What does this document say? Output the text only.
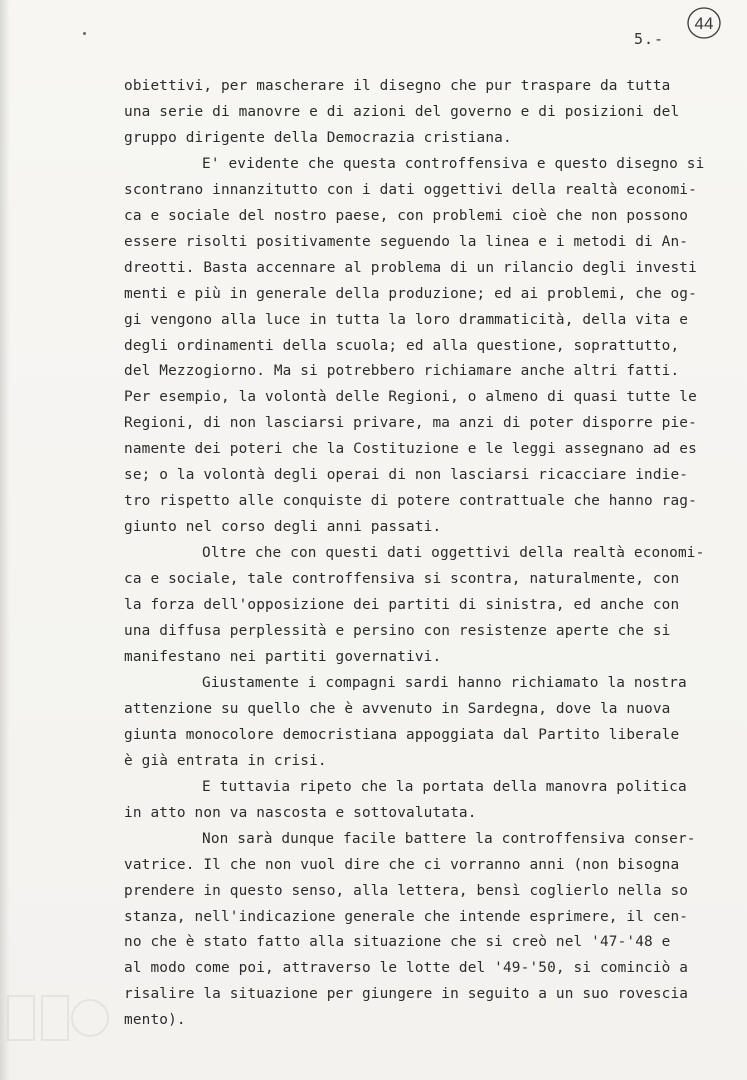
5.-
44
obiettivi, per mascherare il disegno che pur traspare da tutta
una serie di manovre e di azioni del governo e di posizioni del
gruppo dirigente della Democrazia cristiana.
E' evidente che questa controffensiva e questo disegno si
scontrano innanzitutto con i dati oggettivi della realtà economi-
ca e sociale del nostro paese, con problemi cioè che non possono
essere risolti positivamente seguendo la linea e i metodi di An-
dreotti. Basta accennare al problema di un rilancio degli investi
menti e più in generale della produzione; ed ai problemi, che og-
gi vengono alla luce in tutta la loro drammaticità, della vita e
degli ordinamenti della scuola; ed alla questione, soprattutto,
del Mezzogiorno. Ma si potrebbero richiamare anche altri fatti.
Per esempio, la volontà delle Regioni, o almeno di quasi tutte le
Regioni, di non lasciarsi privare, ma anzi di poter disporre pie-
namente dei poteri che la Costituzione e le leggi assegnano ad es
se; o la volontà degli operai di non lasciarsi ricacciare indie-
tro rispetto alle conquiste di potere contrattuale che hanno rag-
giunto nel corso degli anni passati.
Oltre che con questi dati oggettivi della realtà economi-
ca e sociale, tale controffensiva si scontra, naturalmente, con
la forza dell'opposizione dei partiti di sinistra, ed anche con
una diffusa perplessità e persino con resistenze aperte che si
manifestano nei partiti governativi.
Giustamente i compagni sardi hanno richiamato la nostra
attenzione su quello che è avvenuto in Sardegna, dove la nuova
giunta monocolore democristiana appoggiata dal Partito liberale
è già entrata in crisi.
E tuttavia ripeto che la portata della manovra politica
in atto non va nascosta e sottovalutata.
Non sarà dunque facile battere la controffensiva conser-
vatrice. Il che non vuol dire che ci vorranno anni (non bisogna
prendere in questo senso, alla lettera, bensì coglierlo nella so
stanza, nell'indicazione generale che intende esprimere, il cen-
no che è stato fatto alla situazione che si creò nel '47-'48 e
al modo come poi, attraverso le lotte del '49-'50, si cominciò a
risalire la situazione per giungere in seguito a un suo rovescia
mento).
